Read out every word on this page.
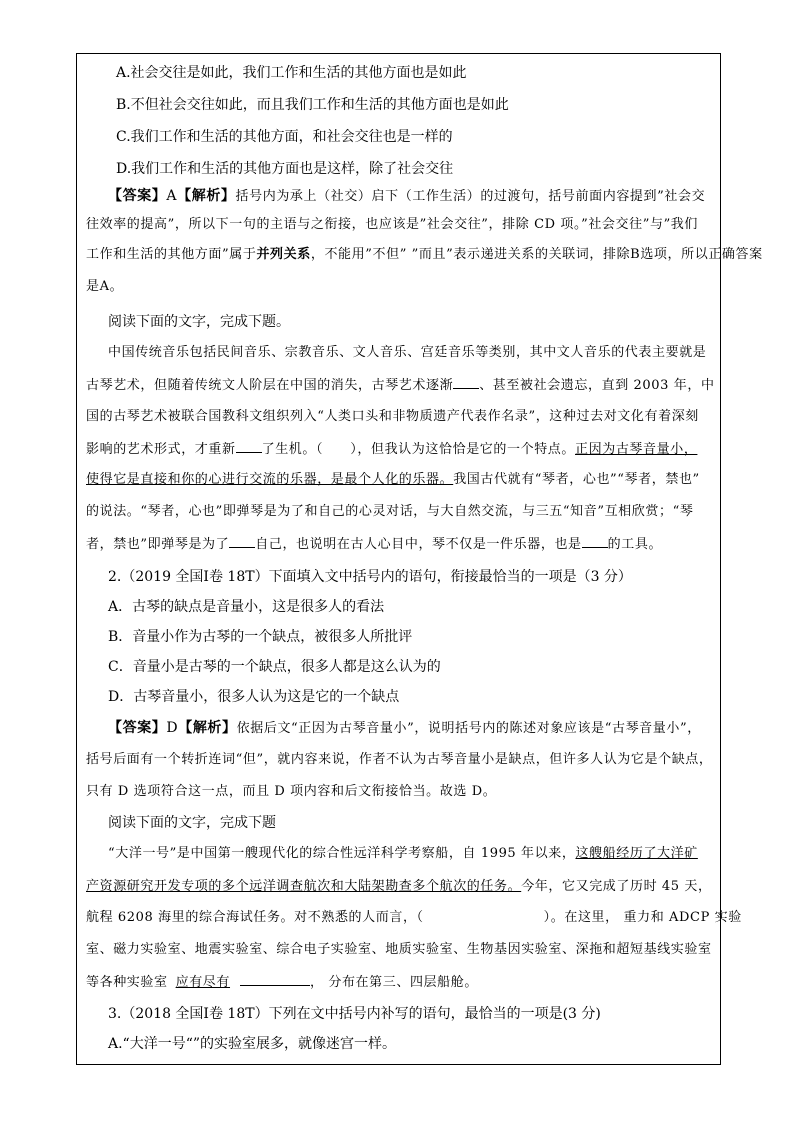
A.社会交往是如此，我们工作和生活的其他方面也是如此
B.不但社会交往如此，而且我们工作和生活的其他方面也是如此
C.我们工作和生活的其他方面，和社会交往也是一样的
D.我们工作和生活的其他方面也是这样，除了社会交往
【答案】A【解析】括号内为承上（社交）启下（工作生活）的过渡句，括号前面内容提到”社会交
往效率的提高”，所以下一句的主语与之衔接，也应该是”社会交往”，排除 CD 项。”社会交往”与”我们
工作和生活的其他方面”属于并列关系，不能用”不但” ”而且”表示递进关系的关联词，排除B选项，所以正确答案
是A。
阅读下面的文字，完成下题。
中国传统音乐包括民间音乐、宗教音乐、文人音乐、宫廷音乐等类别，其中文人音乐的代表主要就是
古琴艺术，但随着传统文人阶层在中国的消失，古琴艺术逐渐 、甚至被社会遗忘，直到 2003 年，中
国的古琴艺术被联合国教科文组织列入“人类口头和非物质遗产代表作名录”，这种过去对文化有着深刻
影响的艺术形式，才重新 了生机。（　　），但我认为这恰恰是它的一个特点。正因为古琴音量小，
使得它是直接和你的心进行交流的乐器，是最个人化的乐器。我国古代就有“琴者，心也”“琴者，禁也”
的说法。“琴者，心也”即弹琴是为了和自己的心灵对话，与大自然交流，与三五“知音”互相欣赏；“琴
者，禁也”即弹琴是为了 自己，也说明在古人心目中，琴不仅是一件乐器，也是 的工具。
2.（2019 全国Ⅰ卷 18T）下面填入文中括号内的语句，衔接最恰当的一项是（3 分）
A．古琴的缺点是音量小，这是很多人的看法
B．音量小作为古琴的一个缺点，被很多人所批评
C．音量小是古琴的一个缺点，很多人都是这么认为的
D．古琴音量小，很多人认为这是它的一个缺点
【答案】D【解析】依据后文“正因为古琴音量小”，说明括号内的陈述对象应该是“古琴音量小”，
括号后面有一个转折连词“但”，就内容来说，作者不认为古琴音量小是缺点，但许多人认为它是个缺点，
只有 D 选项符合这一点，而且 D 项内容和后文衔接恰当。故选 D。
阅读下面的文字，完成下题
“大洋一号”是中国第一艘现代化的综合性远洋科学考察船，自 1995 年以来，这艘船经历了大洋矿
产资源研究开发专项的多个远洋调查航次和大陆架勘查多个航次的任务。今年，它又完成了历时 45 天，
航程 6208 海里的综合海试任务。对不熟悉的人而言，（	）。在这里， 重力和 ADCP 实验
室、磁力实验室、地震实验室、综合电子实验室、地质实验室、生物基因实验室、深拖和超短基线实验室
等各种实验室 应有尽有	， 分布在第三、四层船舱。
3.（2018 全国Ⅰ卷 18T）下列在文中括号内补写的语句，最恰当的一项是(3 分)
A.“大洋一号“”的实验室展多，就像迷宫一样。
